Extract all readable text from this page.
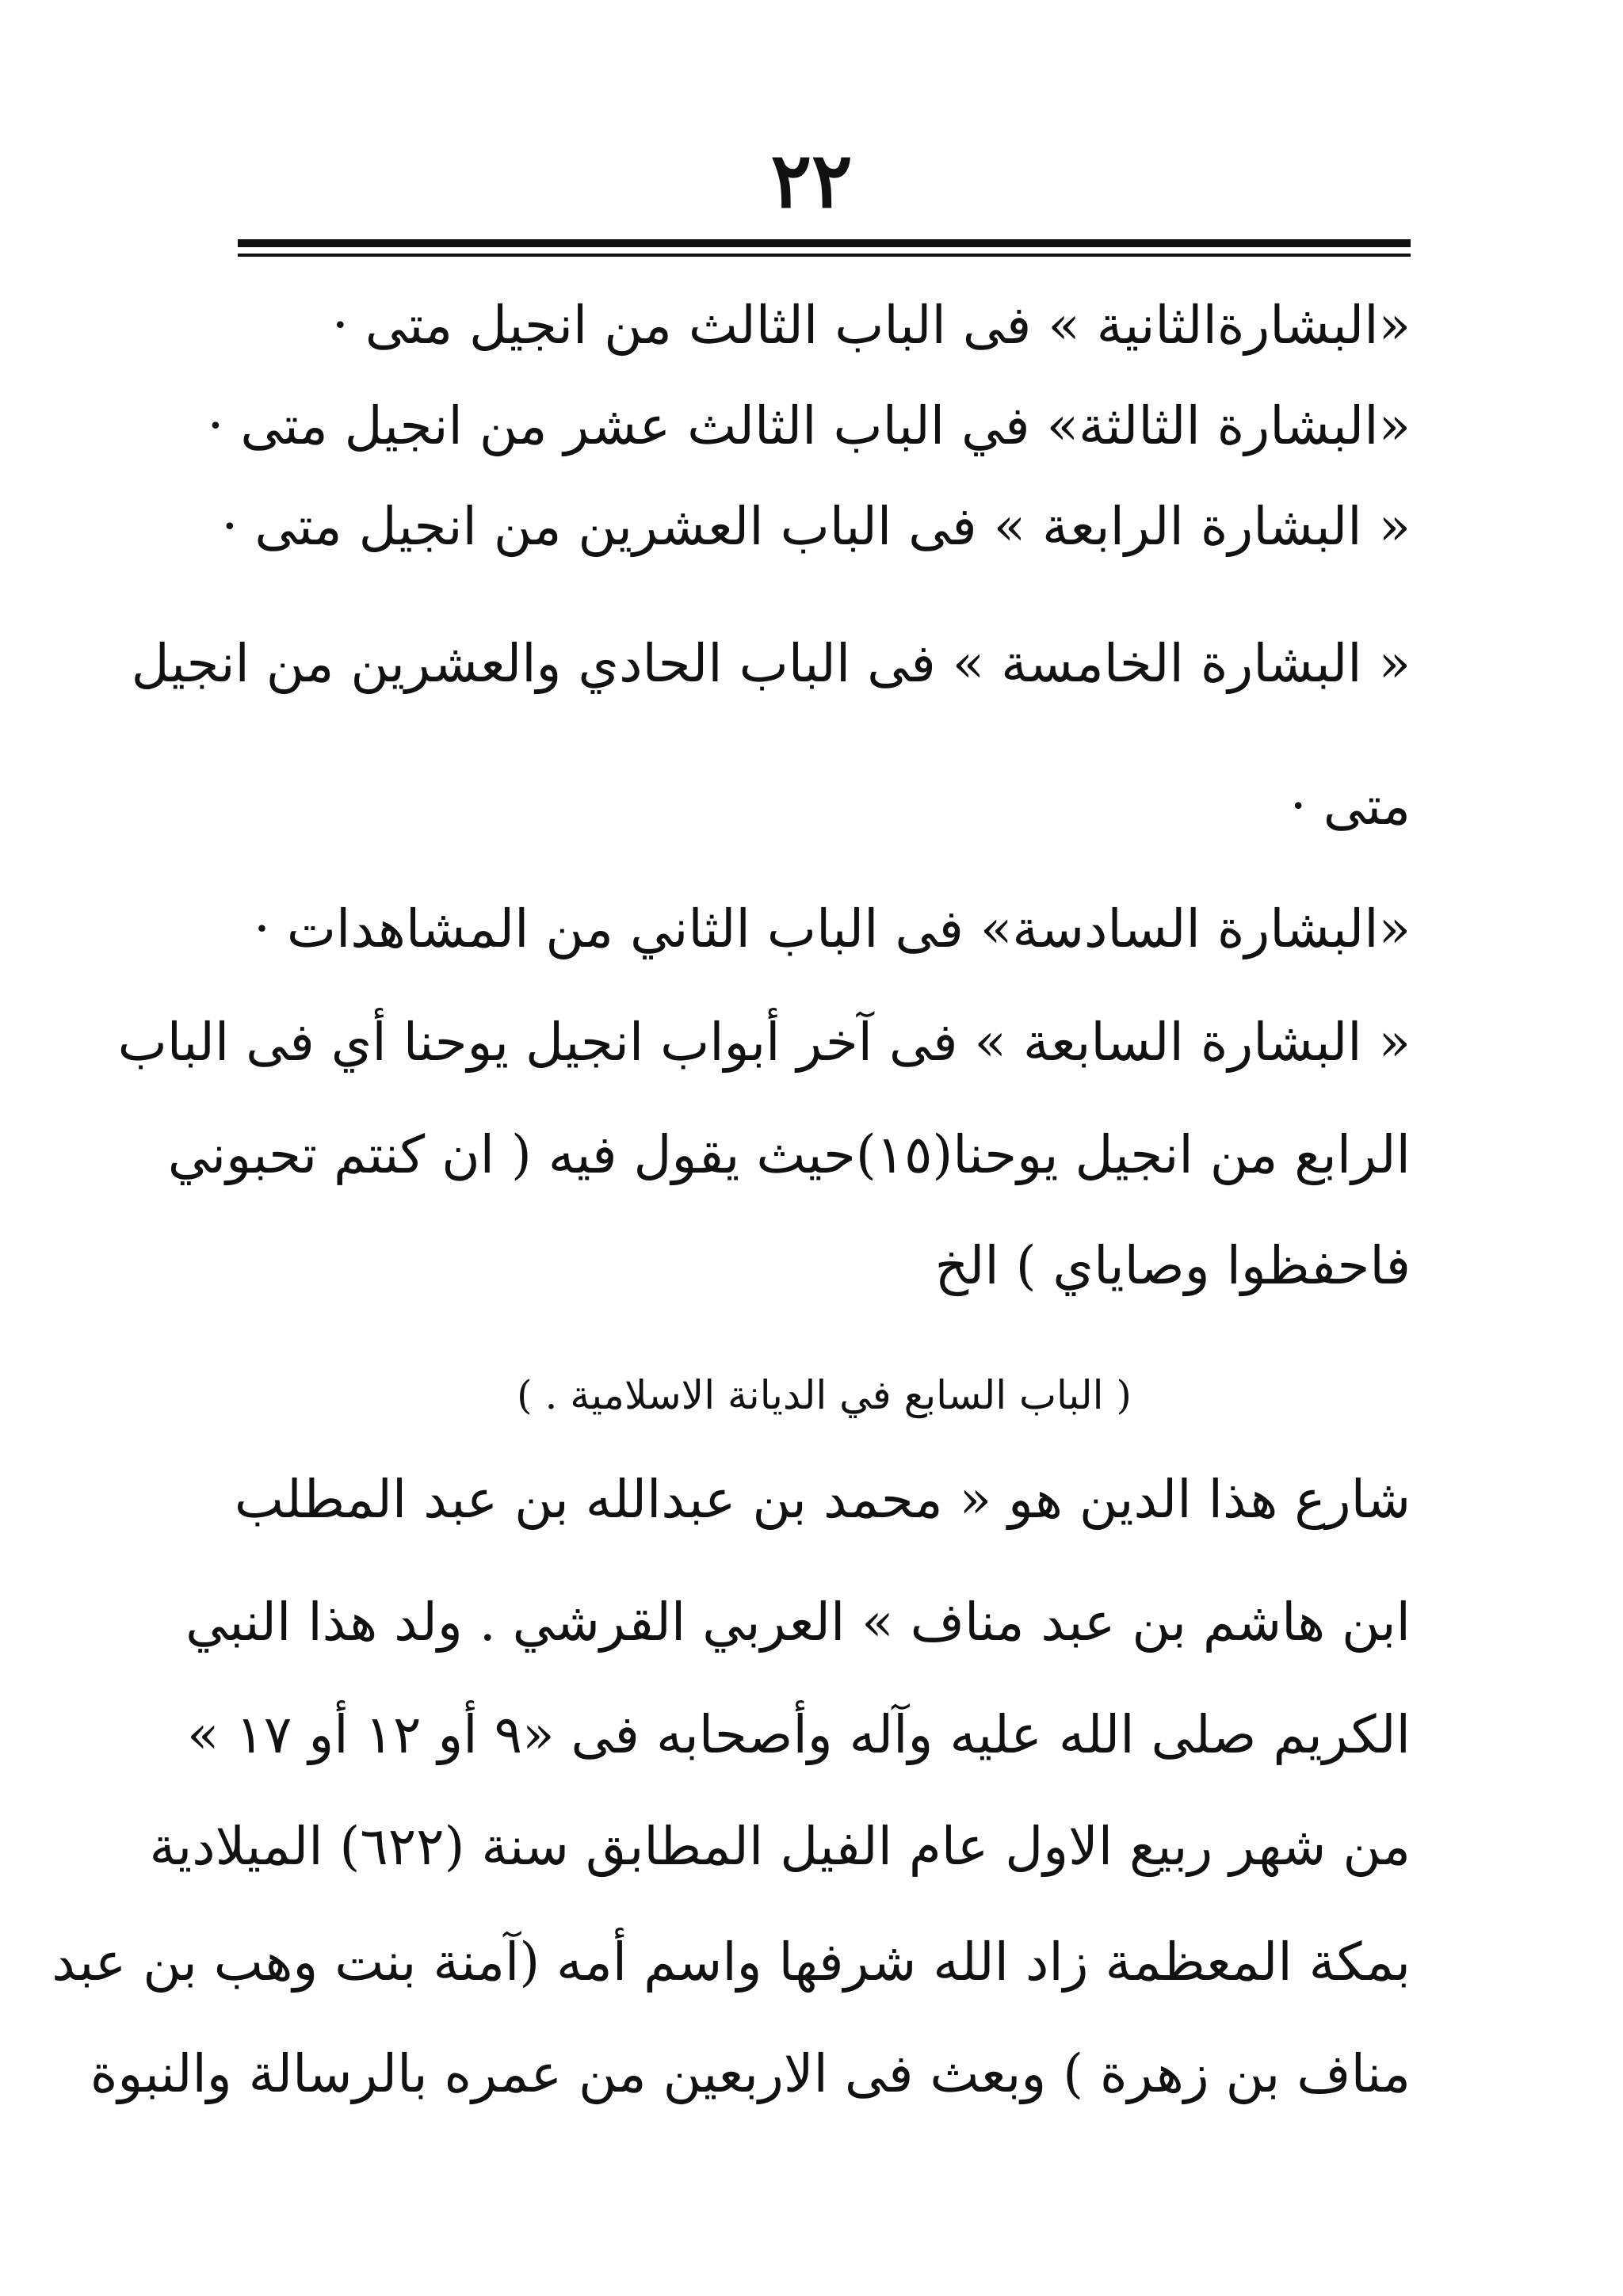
٢٢
«البشارةالثانية » فى الباب الثالث من انجيل متى ·
«البشارة الثالثة» في الباب الثالث عشر من انجيل متى ·
« البشارة الرابعة » فى الباب العشرين من انجيل متى ·
« البشارة الخامسة » فى الباب الحادي والعشرين من انجيل
متى ·
«البشارة السادسة» فى الباب الثاني من المشاهدات ·
« البشارة السابعة » فى آخر أبواب انجيل يوحنا أي فى الباب
الرابع من انجيل يوحنا(١٥)حيث يقول فيه ( ان كنتم تحبوني
فاحفظوا وصاياي ) الخ
( الباب السابع في الديانة الاسلامية . )
شارع هذا الدين هو « محمد بن عبدالله بن عبد المطلب
ابن هاشم بن عبد مناف » العربي القرشي . ولد هذا النبي
الكريم صلى الله عليه وآله وأصحابه فى «٩ أو ١٢ أو ١٧ »
من شهر ربيع الاول عام الفيل المطابق سنة (٦٢٢) الميلادية
بمكة المعظمة زاد الله شرفها واسم أمه (آمنة بنت وهب بن عبد
مناف بن زهرة ) وبعث فى الاربعين من عمره بالرسالة والنبوة
